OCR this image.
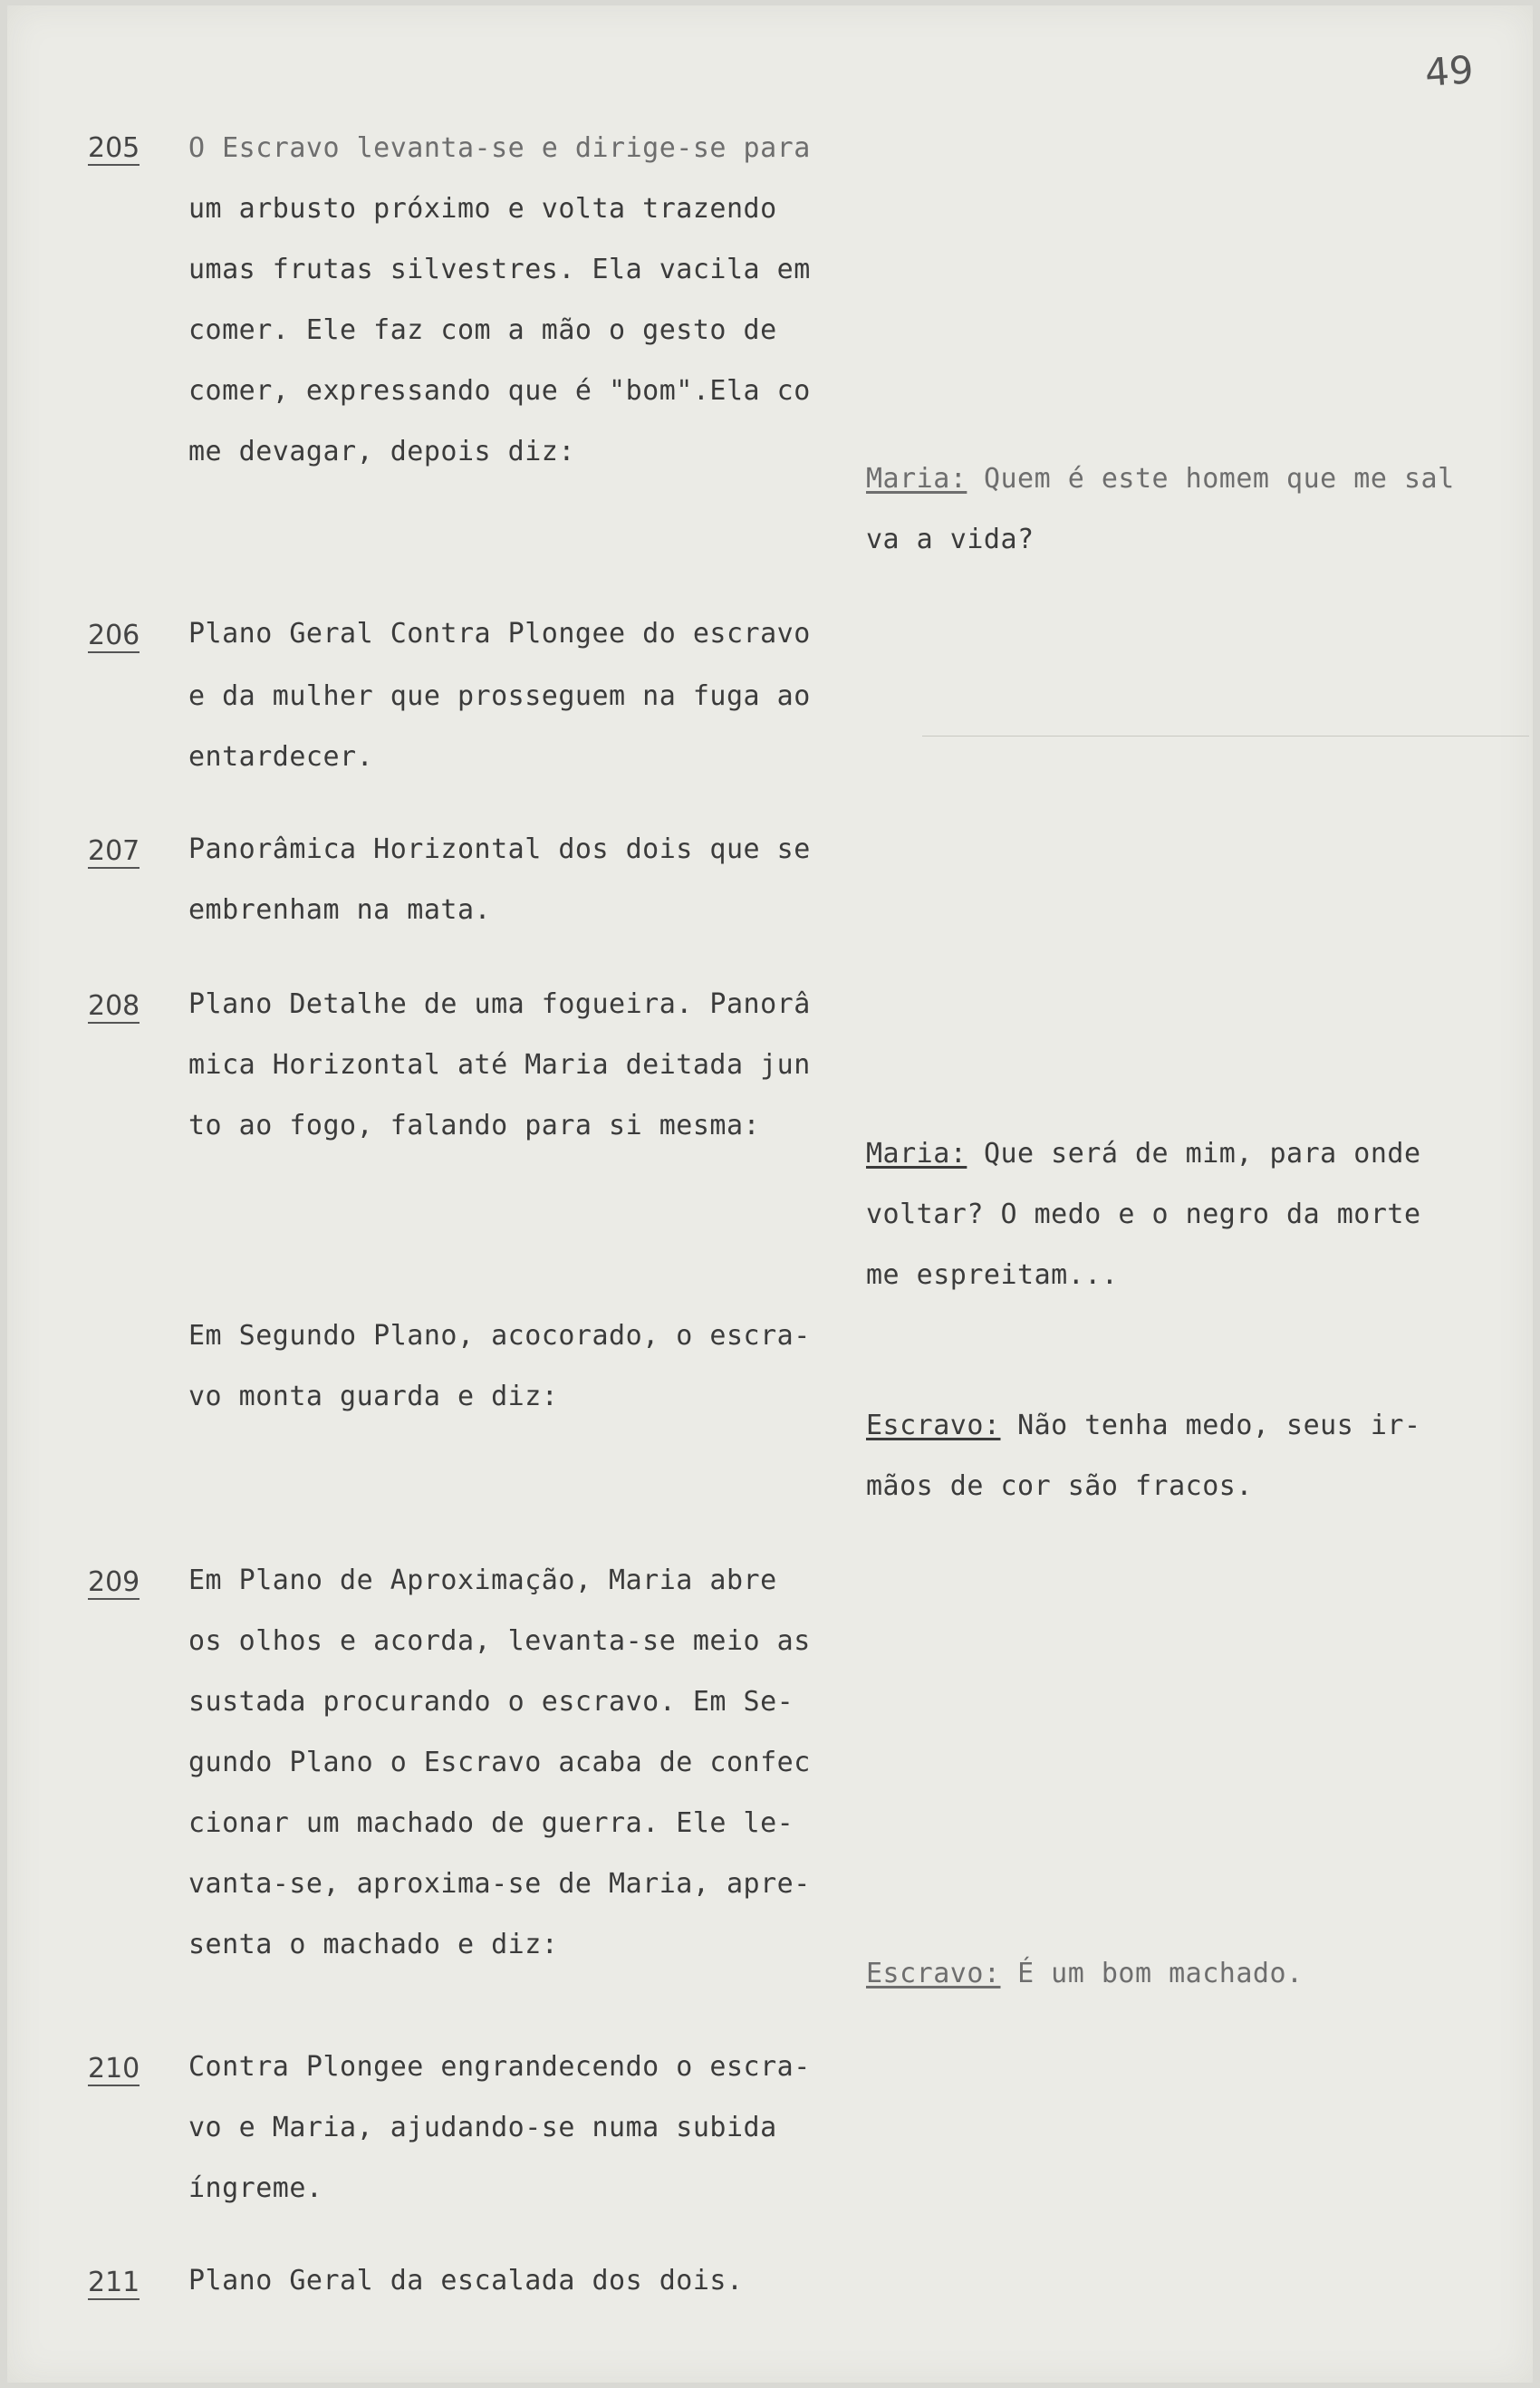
49
205 O Escravo levanta-se e dirige-se para
um arbusto próximo e volta trazendo
umas frutas silvestres. Ela vacila em
comer. Ele faz com a mão o gesto de
comer, expressando que é "bom".Ela co
me devagar, depois diz:
Maria: Quem é este homem que me sal
va a vida?
206 Plano Geral Contra Plongee do escravo
e da mulher que prosseguem na fuga ao
entardecer.
207 Panorâmica Horizontal dos dois que se
embrenham na mata.
208 Plano Detalhe de uma fogueira. Panorâ
mica Horizontal até Maria deitada jun
to ao fogo, falando para si mesma:
Maria: Que será de mim, para onde
voltar? O medo e o negro da morte
me espreitam...
Em Segundo Plano, acocorado, o escra-
vo monta guarda e diz:
Escravo: Não tenha medo, seus ir-
mãos de cor são fracos.
209 Em Plano de Aproximação, Maria abre
os olhos e acorda, levanta-se meio as
sustada procurando o escravo. Em Se-
gundo Plano o Escravo acaba de confec
cionar um machado de guerra. Ele le-
vanta-se, aproxima-se de Maria, apre-
senta o machado e diz:
Escravo: É um bom machado.
210 Contra Plongee engrandecendo o escra-
vo e Maria, ajudando-se numa subida
íngreme.
211 Plano Geral da escalada dos dois.
